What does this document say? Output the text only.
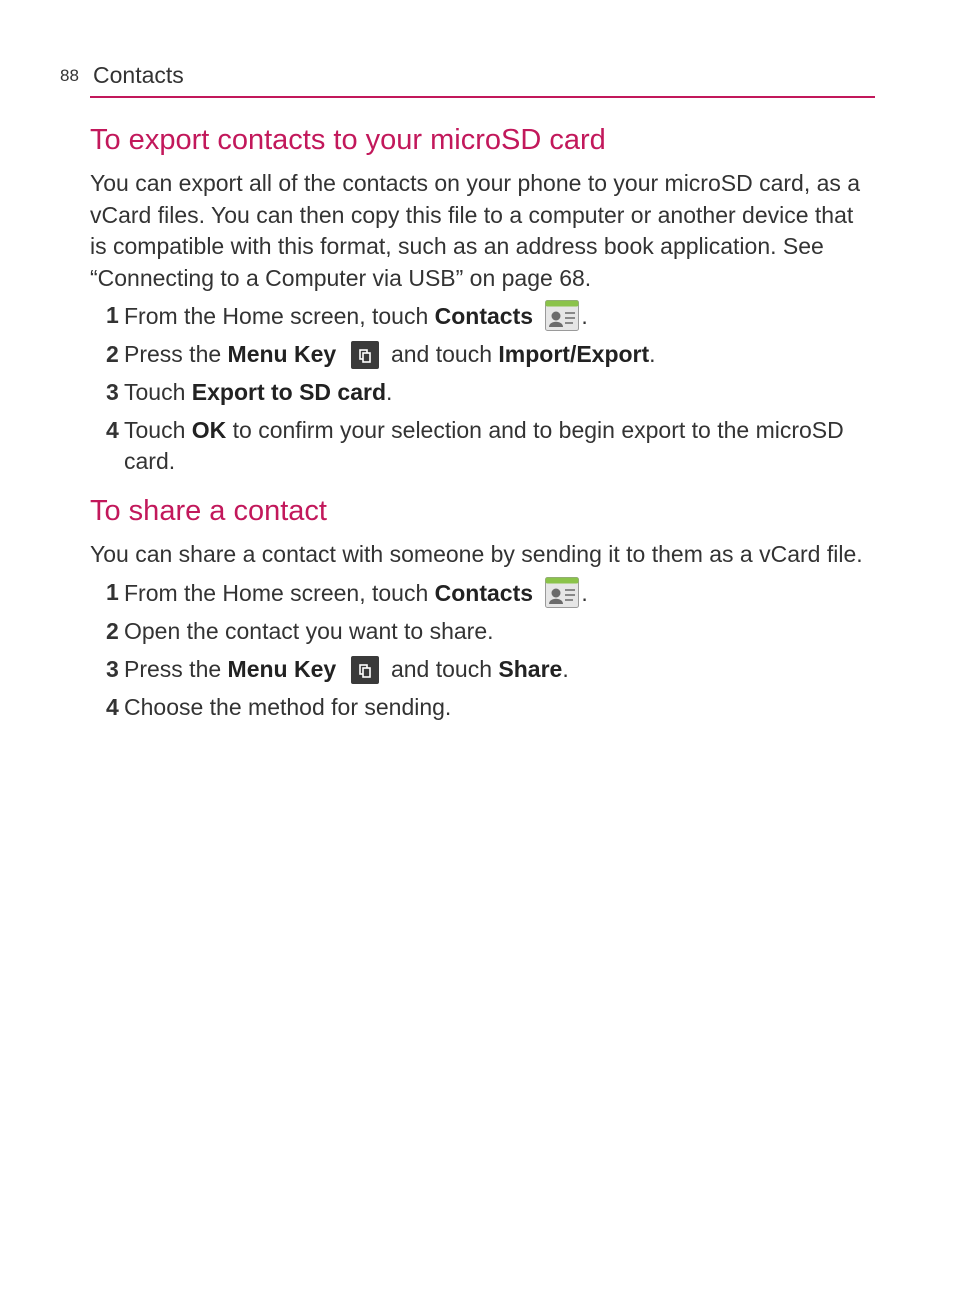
88 Contacts
To export contacts to your microSD card

You can export all of the contacts on your phone to your microSD card, as a vCard files. You can then copy this file to a computer or another device that is compatible with this format, such as an address book application. See “Connecting to a Computer via USB” on page 68.

1 From the Home screen, touch Contacts .
2 Press the Menu Key  and touch Import/Export.
3 Touch Export to SD card.
4 Touch OK to confirm your selection and to begin export to the microSD card.
To share a contact

You can share a contact with someone by sending it to them as a vCard file.

1 From the Home screen, touch Contacts .
2 Open the contact you want to share.
3 Press the Menu Key  and touch Share.
4 Choose the method for sending.
